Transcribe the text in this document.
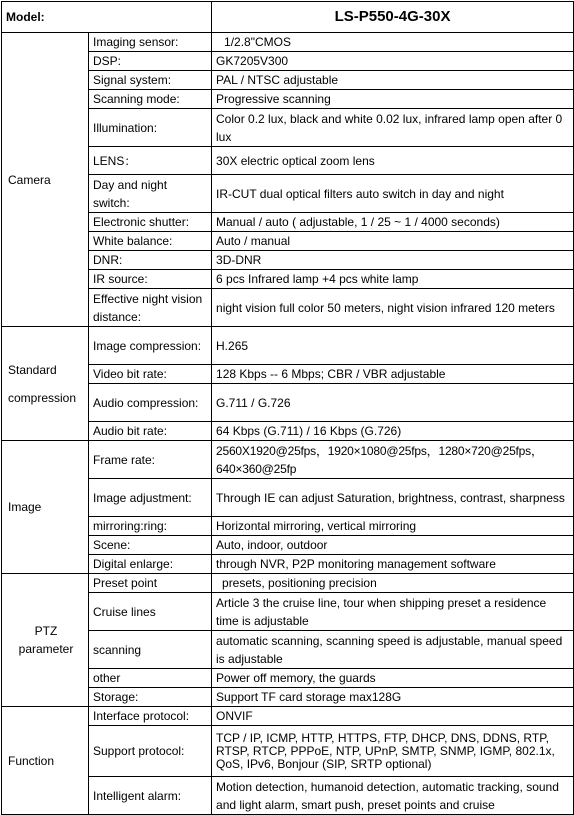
Model:		LS-P550-4G-30X
Camera	Imaging sensor:	1/2.8"CMOS
	DSP:	GK7205V300
	Signal system:	PAL / NTSC adjustable
	Scanning mode:	Progressive scanning
	Illumination:	Color 0.2 lux, black and white 0.02 lux, infrared lamp open after 0 lux
	LENS：	30X electric optical zoom lens
	Day and night switch:	IR-CUT dual optical filters auto switch in day and night
	Electronic shutter:	Manual / auto ( adjustable, 1 / 25 ~ 1 / 4000 seconds)
	White balance:	Auto / manual
	DNR:	3D-DNR
	IR source:	6 pcs Infrared lamp +4 pcs white lamp
	Effective night vision distance:	night vision full color 50 meters, night vision infrared 120 meters
Standard compression	Image compression:	H.265
	Video bit rate:	128 Kbps -- 6 Mbps; CBR / VBR adjustable
	Audio compression:	G.711 / G.726
	Audio bit rate:	64 Kbps (G.711) / 16 Kbps (G.726)
Image	Frame rate:	2560X1920@25fps，1920×1080@25fps，1280×720@25fps，640×360@25fp
	Image adjustment:	Through IE can adjust Saturation, brightness, contrast, sharpness
	mirroring:ring:	Horizontal mirroring, vertical mirroring
	Scene:	Auto, indoor, outdoor
	Digital enlarge:	through NVR, P2P monitoring management software
PTZ parameter	Preset point	presets, positioning precision
	Cruise lines	Article 3 the cruise line, tour when shipping preset a residence time is adjustable
	scanning	automatic scanning, scanning speed is adjustable, manual speed is adjustable
	other	Power off memory, the guards
	Storage:	Support TF card storage max128G
Function	Interface protocol:	ONVIF
	Support protocol:	TCP / IP, ICMP, HTTP, HTTPS, FTP, DHCP, DNS, DDNS, RTP, RTSP, RTCP, PPPoE, NTP, UPnP, SMTP, SNMP, IGMP, 802.1x, QoS, IPv6, Bonjour (SIP, SRTP optional)
	Intelligent alarm:	Motion detection, humanoid detection, automatic tracking, sound and light alarm, smart push, preset points and cruise
